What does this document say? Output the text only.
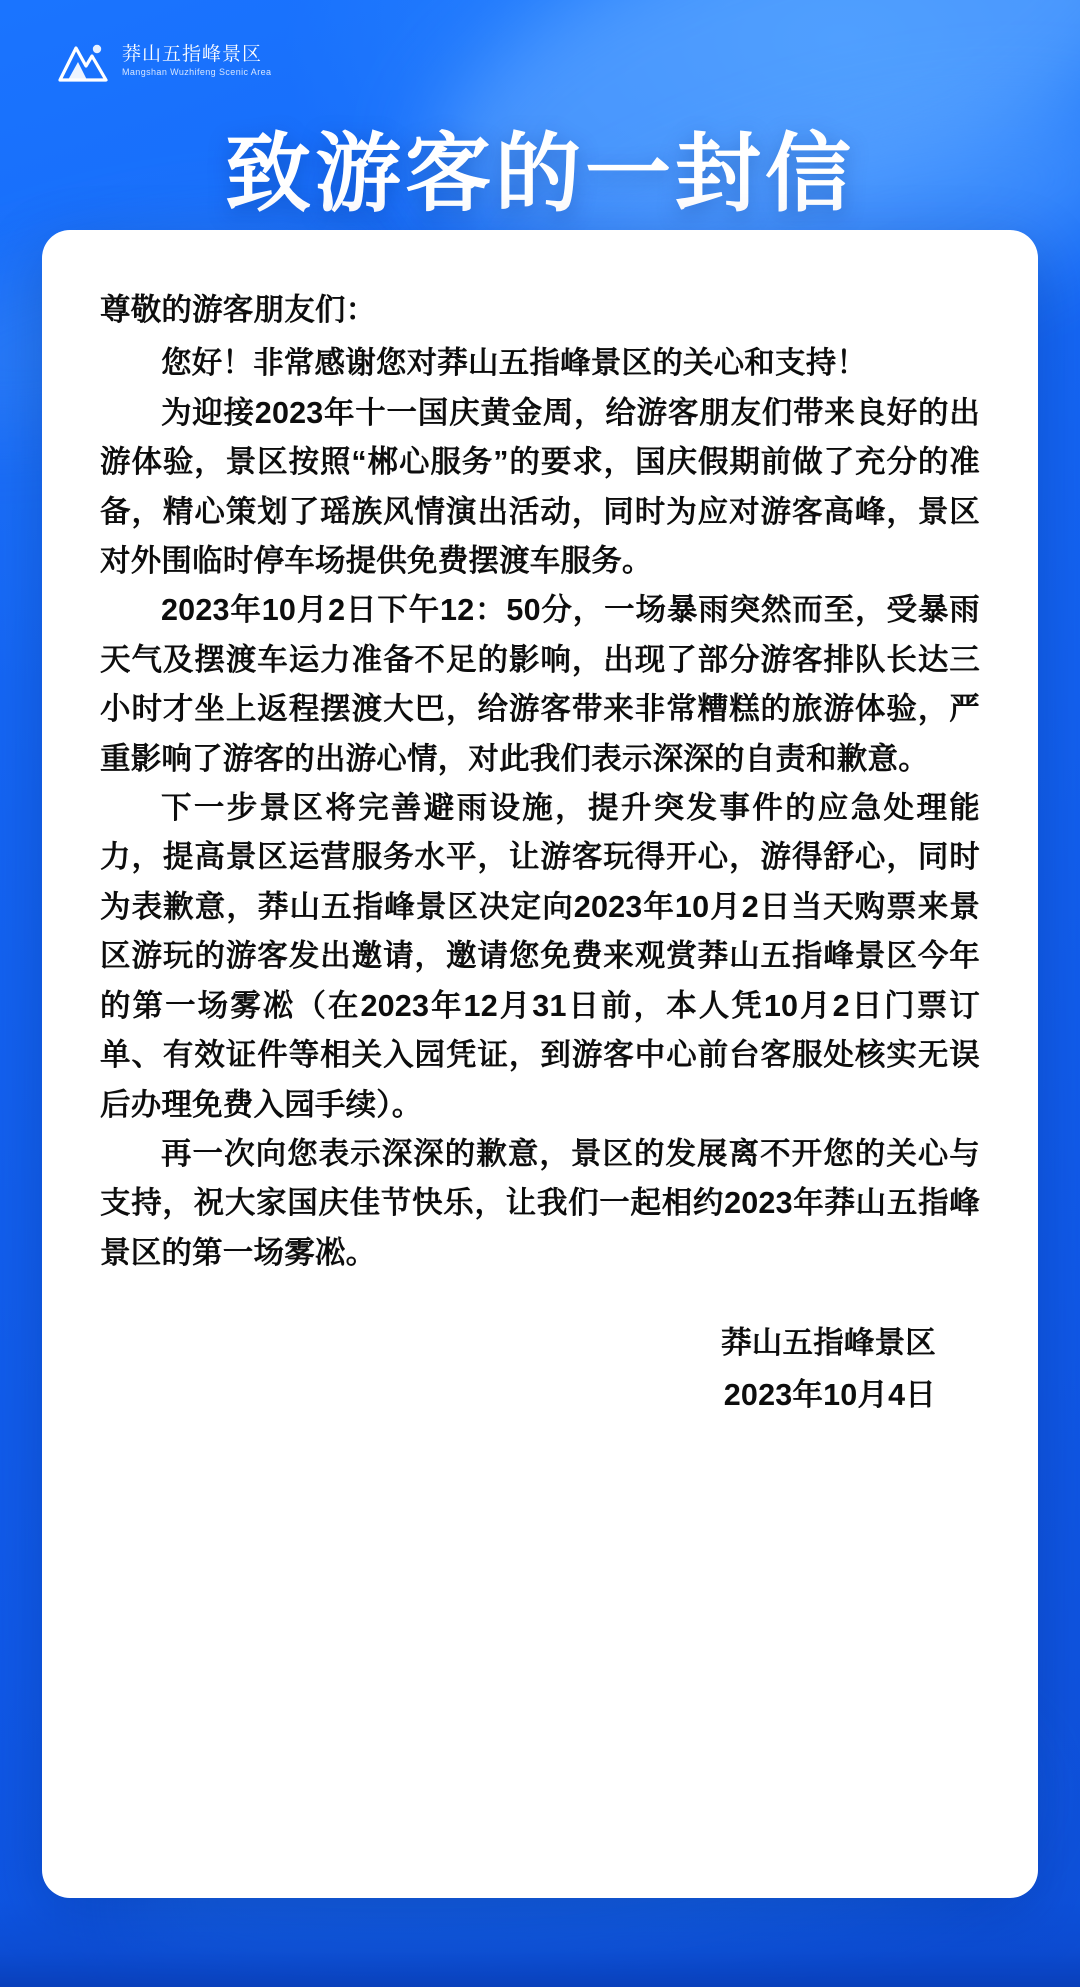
莽山五指峰景区
Mangshan Wuzhifeng Scenic Area
致游客的一封信

尊敬的游客朋友们：

您好！非常感谢您对莽山五指峰景区的关心和支持！

为迎接2023年十一国庆黄金周，给游客朋友们带来良好的出游体验，景区按照“郴心服务”的要求，国庆假期前做了充分的准备，精心策划了瑶族风情演出活动，同时为应对游客高峰，景区对外围临时停车场提供免费摆渡车服务。

2023年10月2日下午12：50分，一场暴雨突然而至，受暴雨天气及摆渡车运力准备不足的影响，出现了部分游客排队长达三小时才坐上返程摆渡大巴，给游客带来非常糟糕的旅游体验，严重影响了游客的出游心情，对此我们表示深深的自责和歉意。

下一步景区将完善避雨设施，提升突发事件的应急处理能力，提高景区运营服务水平，让游客玩得开心，游得舒心，同时为表歉意，莽山五指峰景区决定向2023年10月2日当天购票来景区游玩的游客发出邀请，邀请您免费来观赏莽山五指峰景区今年的第一场雾凇（在2023年12月31日前，本人凭10月2日门票订单、有效证件等相关入园凭证，到游客中心前台客服处核实无误后办理免费入园手续）。

再一次向您表示深深的歉意，景区的发展离不开您的关心与支持，祝大家国庆佳节快乐，让我们一起相约2023年莽山五指峰景区的第一场雾凇。

莽山五指峰景区
2023年10月4日
